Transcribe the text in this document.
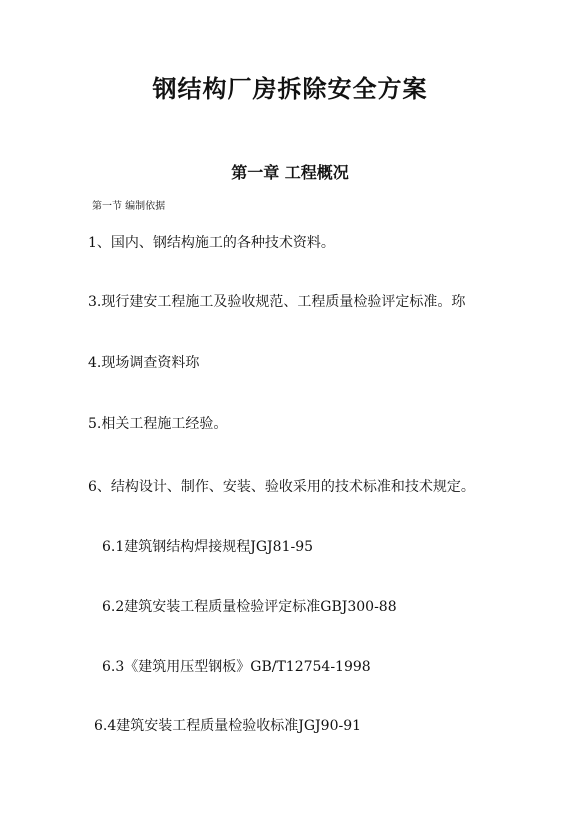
钢结构厂房拆除安全方案
第一章 工程概况
第一节 编制依据
1、国内、钢结构施工的各种技术资料。
3.现行建安工程施工及验收规范、工程质量检验评定标准。珎
4.现场调查资料珎
5.相关工程施工经验。
6、结构设计、制作、安装、验收采用的技术标准和技术规定。
6.1建筑钢结构焊接规程JGJ81-95
6.2建筑安装工程质量检验评定标准GBJ300-88
6.3《建筑用压型钢板》GB/T12754-1998
6.4建筑安装工程质量检验收标准JGJ90-91
